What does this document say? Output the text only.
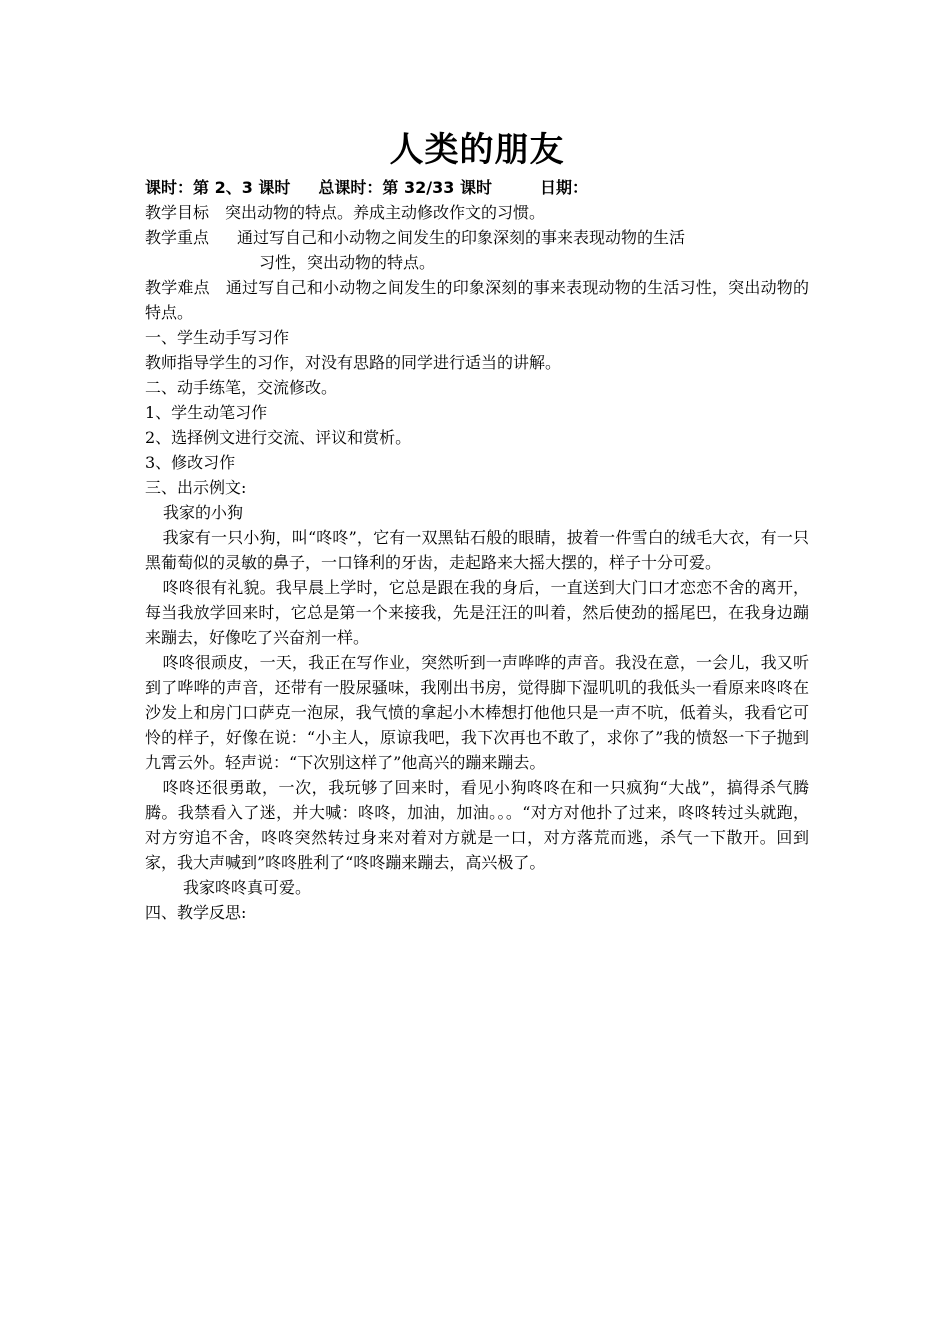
人类的朋友
课时：第 2、3 课时 总课时：第 32/33 课时	日期：
教学目标 突出动物的特点。养成主动修改作文的习惯。
教学重点 通过写自己和小动物之间发生的印象深刻的事来表现动物的生活
习性，突出动物的特点。

教学难点 通过写自己和小动物之间发生的印象深刻的事来表现动物的生活习性，突出动物的特点。

一、学生动手写习作
教师指导学生的习作，对没有思路的同学进行适当的讲解。
二、动手练笔，交流修改。
1、学生动笔习作
2、选择例文进行交流、评议和赏析。
3、修改习作
三、出示例文:
我家的小狗

我家有一只小狗，叫“咚咚”，它有一双黑钻石般的眼睛，披着一件雪白的绒毛大衣，有一只黑葡萄似的灵敏的鼻子，一口锋利的牙齿，走起路来大摇大摆的，样子十分可爱。

咚咚很有礼貌。我早晨上学时，它总是跟在我的身后，一直送到大门口才恋恋不舍的离开，每当我放学回来时，它总是第一个来接我，先是汪汪的叫着，然后使劲的摇尾巴，在我身边蹦来蹦去，好像吃了兴奋剂一样。

咚咚很顽皮，一天，我正在写作业，突然听到一声哗哗的声音。我没在意，一会儿，我又听到了哗哗的声音，还带有一股尿骚味，我刚出书房，觉得脚下湿叽叽的我低头一看原来咚咚在沙发上和房门口萨克一泡尿，我气愤的拿起小木棒想打他他只是一声不吭，低着头，我看它可怜的样子，好像在说：“小主人，原谅我吧，我下次再也不敢了，求你了”我的愤怒一下子抛到九霄云外。轻声说：“下次别这样了”他高兴的蹦来蹦去。

咚咚还很勇敢，一次，我玩够了回来时，看见小狗咚咚在和一只疯狗“大战”，搞得杀气腾腾。我禁看入了迷，并大喊：咚咚，加油，加油。。。“对方对他扑了过来，咚咚转过头就跑，对方穷追不舍，咚咚突然转过身来对着对方就是一口，对方落荒而逃，杀气一下散开。回到家，我大声喊到”咚咚胜利了“咚咚蹦来蹦去，高兴极了。

我家咚咚真可爱。
四、教学反思:
